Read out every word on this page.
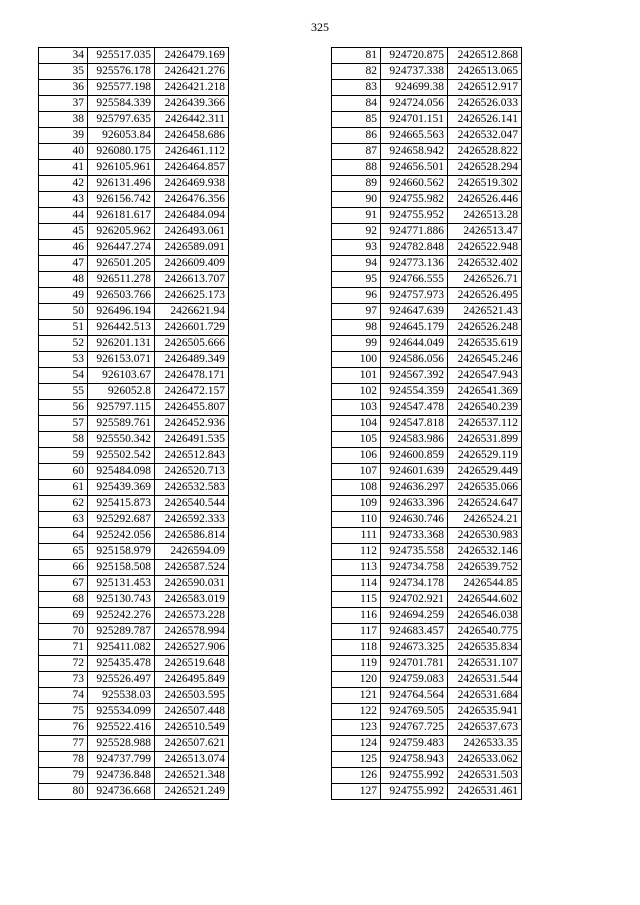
325
34	925517.035	2426479.169
35	925576.178	2426421.276
36	925577.198	2426421.218
37	925584.339	2426439.366
38	925797.635	2426442.311
39	926053.84	2426458.686
40	926080.175	2426461.112
41	926105.961	2426464.857
42	926131.496	2426469.938
43	926156.742	2426476.356
44	926181.617	2426484.094
45	926205.962	2426493.061
46	926447.274	2426589.091
47	926501.205	2426609.409
48	926511.278	2426613.707
49	926503.766	2426625.173
50	926496.194	2426621.94
51	926442.513	2426601.729
52	926201.131	2426505.666
53	926153.071	2426489.349
54	926103.67	2426478.171
55	926052.8	2426472.157
56	925797.115	2426455.807
57	925589.761	2426452.936
58	925550.342	2426491.535
59	925502.542	2426512.843
60	925484.098	2426520.713
61	925439.369	2426532.583
62	925415.873	2426540.544
63	925292.687	2426592.333
64	925242.056	2426586.814
65	925158.979	2426594.09
66	925158.508	2426587.524
67	925131.453	2426590.031
68	925130.743	2426583.019
69	925242.276	2426573.228
70	925289.787	2426578.994
71	925411.082	2426527.906
72	925435.478	2426519.648
73	925526.497	2426495.849
74	925538.03	2426503.595
75	925534.099	2426507.448
76	925522.416	2426510.549
77	925528.988	2426507.621
78	924737.799	2426513.074
79	924736.848	2426521.348
80	924736.668	2426521.249
81	924720.875	2426512.868
82	924737.338	2426513.065
83	924699.38	2426512.917
84	924724.056	2426526.033
85	924701.151	2426526.141
86	924665.563	2426532.047
87	924658.942	2426528.822
88	924656.501	2426528.294
89	924660.562	2426519.302
90	924755.982	2426526.446
91	924755.952	2426513.28
92	924771.886	2426513.47
93	924782.848	2426522.948
94	924773.136	2426532.402
95	924766.555	2426526.71
96	924757.973	2426526.495
97	924647.639	2426521.43
98	924645.179	2426526.248
99	924644.049	2426535.619
100	924586.056	2426545.246
101	924567.392	2426547.943
102	924554.359	2426541.369
103	924547.478	2426540.239
104	924547.818	2426537.112
105	924583.986	2426531.899
106	924600.859	2426529.119
107	924601.639	2426529.449
108	924636.297	2426535.066
109	924633.396	2426524.647
110	924630.746	2426524.21
111	924733.368	2426530.983
112	924735.558	2426532.146
113	924734.758	2426539.752
114	924734.178	2426544.85
115	924702.921	2426544.602
116	924694.259	2426546.038
117	924683.457	2426540.775
118	924673.325	2426535.834
119	924701.781	2426531.107
120	924759.083	2426531.544
121	924764.564	2426531.684
122	924769.505	2426535.941
123	924767.725	2426537.673
124	924759.483	2426533.35
125	924758.943	2426533.062
126	924755.992	2426531.503
127	924755.992	2426531.461
